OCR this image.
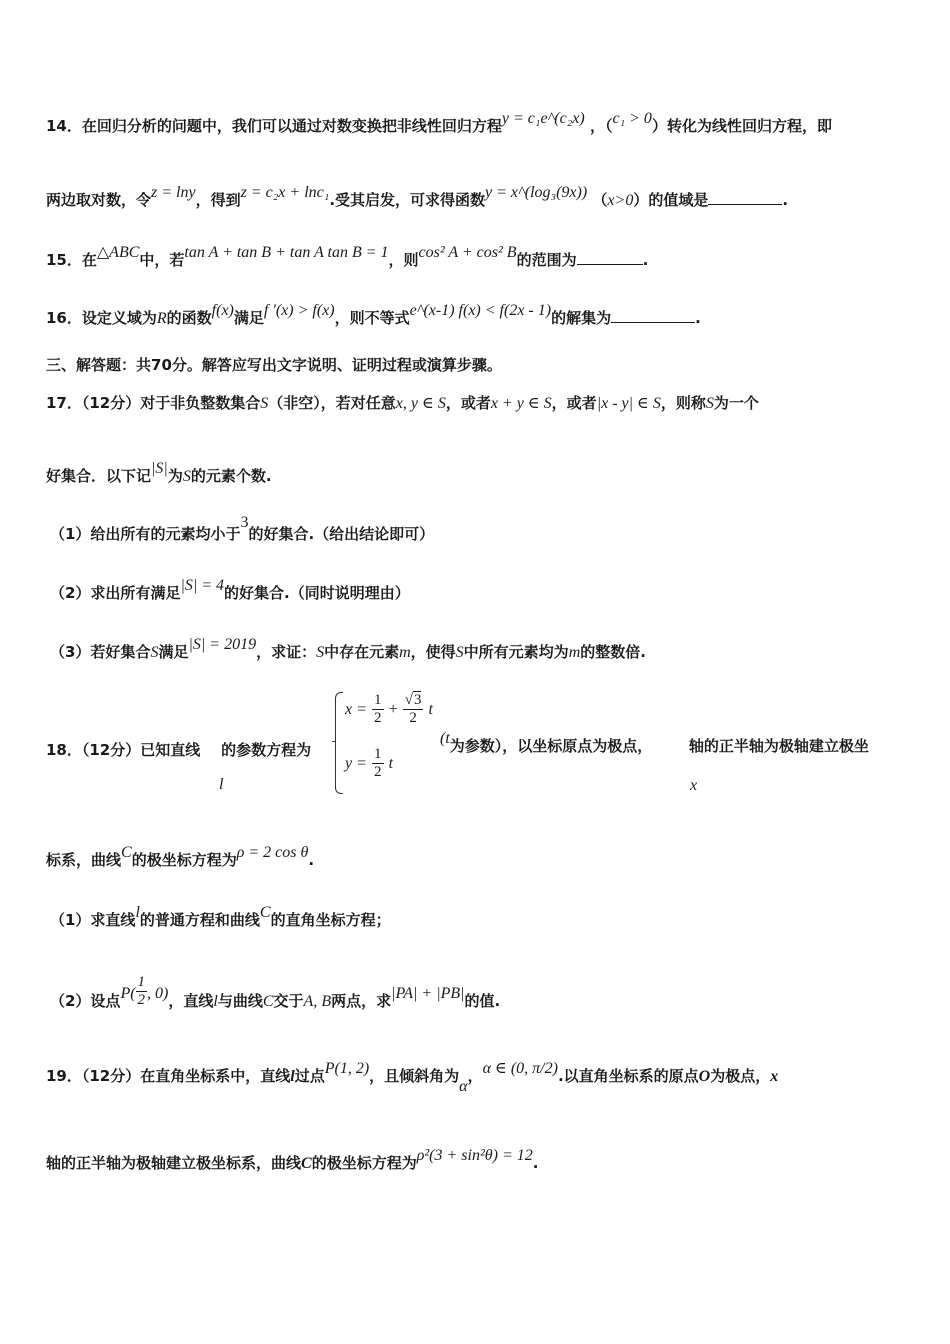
14．在回归分析的问题中，我们可以通过对数变换把非线性回归方程y = c₁e^(c₂x) ，（c₁ > 0）转化为线性回归方程，即
两边取对数，令z = lny，得到z = c₂x + lnc₁.受其启发，可求得函数y = x^(log₃(9x)) （x>0）的值域是	.
15．在△ABC中，若tan A + tan B + tan A tan B = 1，则cos² A + cos² B的范围为	.
16．设定义域为R的函数f(x)满足f ′(x) > f(x)，则不等式e^(x-1) f(x) < f(2x - 1)的解集为	.
三、解答题：共70分。解答应写出文字说明、证明过程或演算步骤。
17．（12分）对于非负整数集合S（非空），若对任意x, y ∈ S，或者x + y ∈ S，或者|x - y| ∈ S，则称S为一个
好集合．以下记|S|为S的元素个数.
（1）给出所有的元素均小于3的好集合.（给出结论即可）
（2）求出所有满足|S| = 4的好集合.（同时说明理由）
（3）若好集合S满足|S| = 2019，求证：S中存在元素m，使得S中所有元素均为m的整数倍.
18．（12分）已知直线 的参数方程为
l
$x = \frac{1}{2} + \frac{√3}{2}$ t
$y = \frac{1}{2}$ t
(t为参数），以坐标原点为极点， 轴的正半轴为极轴建立极坐
x
标系，曲线C的极坐标方程为ρ = 2 cos θ.
（1）求直线l的普通方程和曲线C的直角坐标方程；
（2）设点$P( \frac{1}{2}$ , 0)，直线l与曲线C交于A, B两点，求|PA| + |PB|的值.
19．（12分）在直角坐标系中，直线l过点P(1, 2)，且倾斜角为α，α ∈ (0, π/2).以直角坐标系的原点O为极点，x
轴的正半轴为极轴建立极坐标系，曲线C的极坐标方程为ρ²(3 + sin²θ) = 12.
